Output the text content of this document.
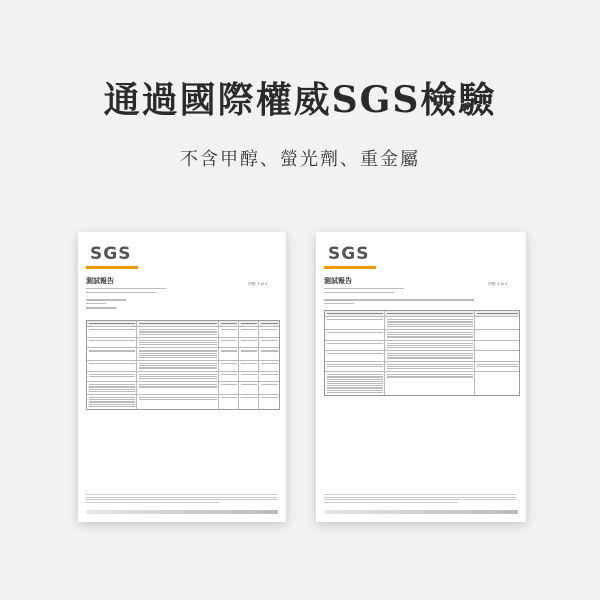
通過國際權威SGS檢驗
不含甲醇、螢光劑、重金屬
SGS
測試報告	頁數: 3 of 5
SGS
測試報告	頁數: 4 of 5
